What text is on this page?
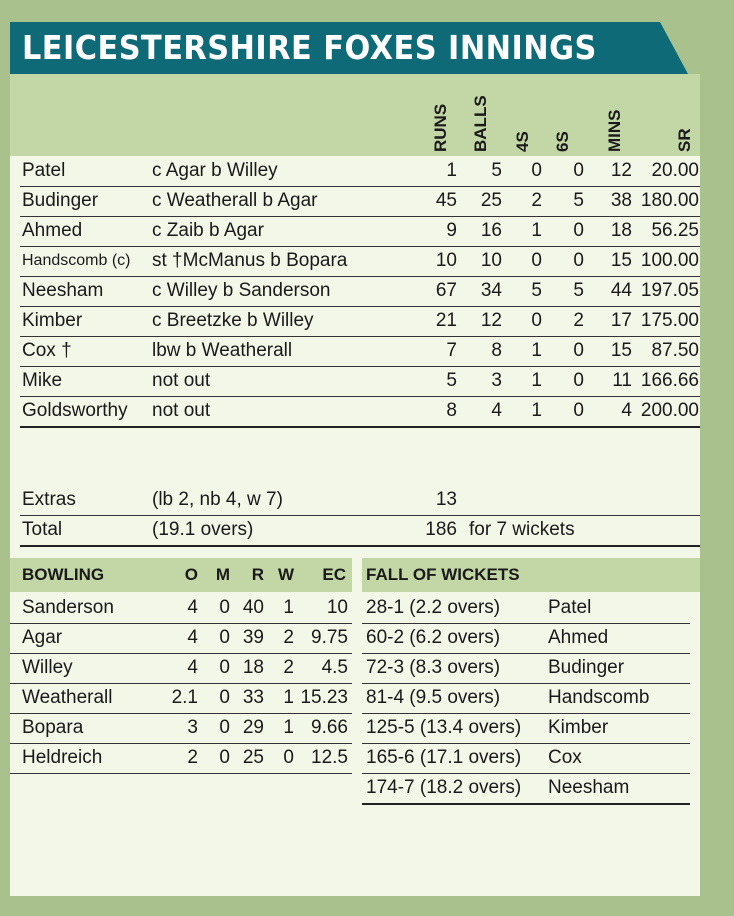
LEICESTERSHIRE FOXES INNINGS
RUNS BALLS 4S 6S MINS	SR
Patel	c Agar b Willey	1	5	0	0	12	20.00
Budinger	c Weatherall b Agar	45	25	2	5	38 180.00
Ahmed	c Zaib b Agar	9	16	1	0	18	56.25
Handscomb (c) st †McManus b Bopara	10	10	0	0	15 100.00
Neesham	c Willey b Sanderson	67	34	5	5	44 197.05
Kimber	c Breetzke b Willey	21	12	0	2	17 175.00
Cox †	lbw b Weatherall	7	8	1	0	15	87.50
Mike	not out	5	3	1	0	11 166.66
Goldsworthy not out	8	4	1	0	4 200.00
Extras	(lb 2, nb 4, w 7)	13
Total	(19.1 overs)	186 for 7 wickets
BOWLING	O	M	R W	EC
Sanderson	4	0 40	1	10
Agar	4	0 39	2 9.75
Willey	4	0 18	2	4.5
Weatherall	2.1	0 33	1 15.23
Bopara	3	0 29	1 9.66
Heldreich	2	0 25	0 12.5
FALL OF WICKETS
28-1 (2.2 overs)	Patel
60-2 (6.2 overs)	Ahmed
72-3 (8.3 overs)	Budinger
81-4 (9.5 overs)	Handscomb
125-5 (13.4 overs) Kimber
165-6 (17.1 overs) Cox
174-7 (18.2 overs) Neesham
